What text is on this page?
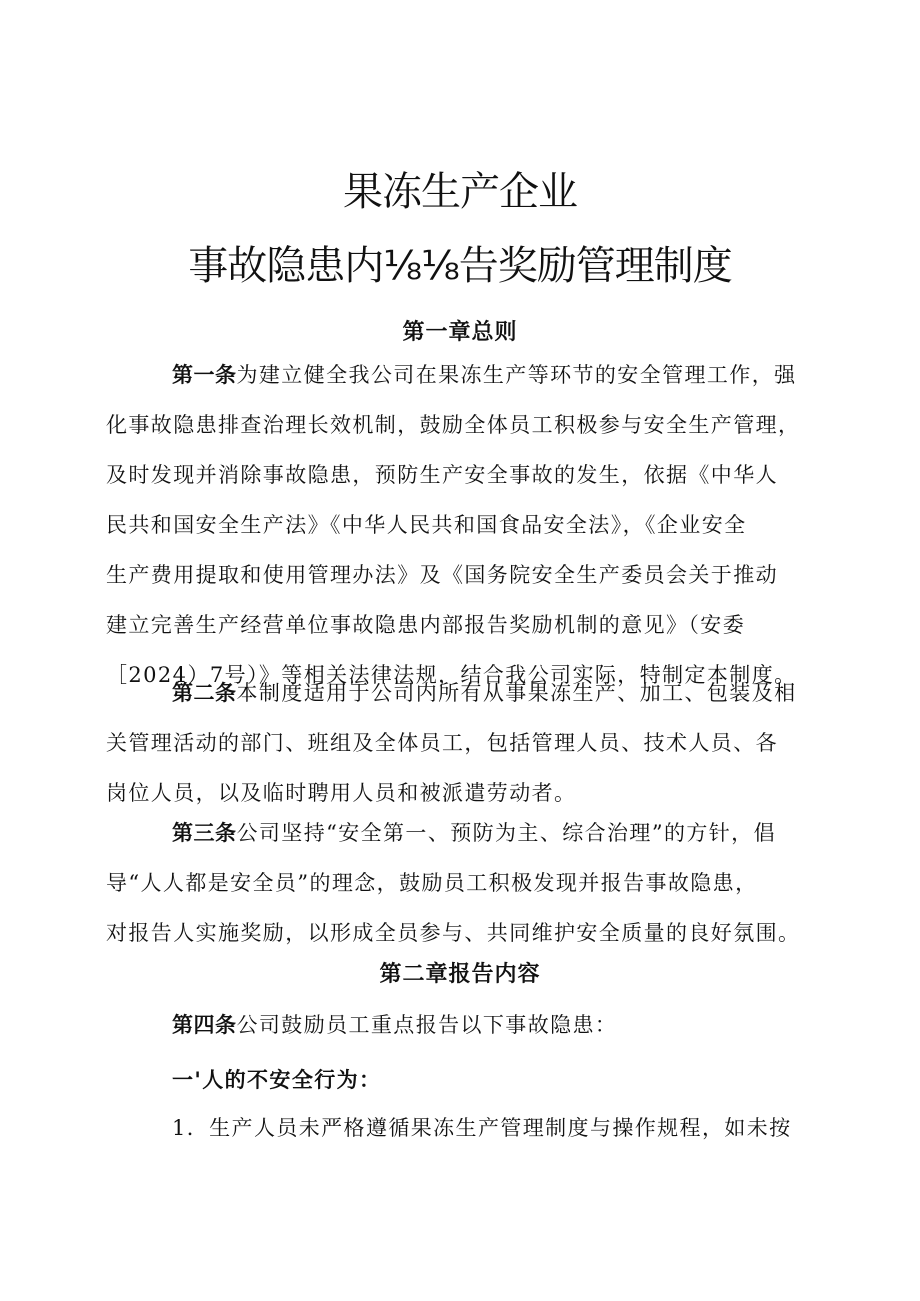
果冻生产企业
事故隐患内⅛⅛告奖励管理制度
第一章总则

第一条为建立健全我公司在果冻生产等环节的安全管理工作，强
化事故隐患排查治理长效机制，鼓励全体员工积极参与安全生产管理，
及时发现并消除事故隐患，预防生产安全事故的发生，依据《中华人
民共和国安全生产法》《中华人民共和国食品安全法》，《企业安全
生产费用提取和使用管理办法》及《国务院安全生产委员会关于推动
建立完善生产经营单位事故隐患内部报告奖励机制的意见》（安委
［2024）7号）》等相关法律法规，结合我公司实际，特制定本制度。

第二条本制度适用于公司内所有从事果冻生产、加工、包装及相
关管理活动的部门、班组及全体员工，包括管理人员、技术人员、各
岗位人员，以及临时聘用人员和被派遣劳动者。

第三条公司坚持“安全第一、预防为主、综合治理”的方针，倡
导“人人都是安全员”的理念，鼓励员工积极发现并报告事故隐患，
对报告人实施奖励，以形成全员参与、共同维护安全质量的良好氛围。

第二章报告内容

第四条公司鼓励员工重点报告以下事故隐患：

一'人的不安全行为：

1．生产人员未严格遵循果冻生产管理制度与操作规程，如未按
